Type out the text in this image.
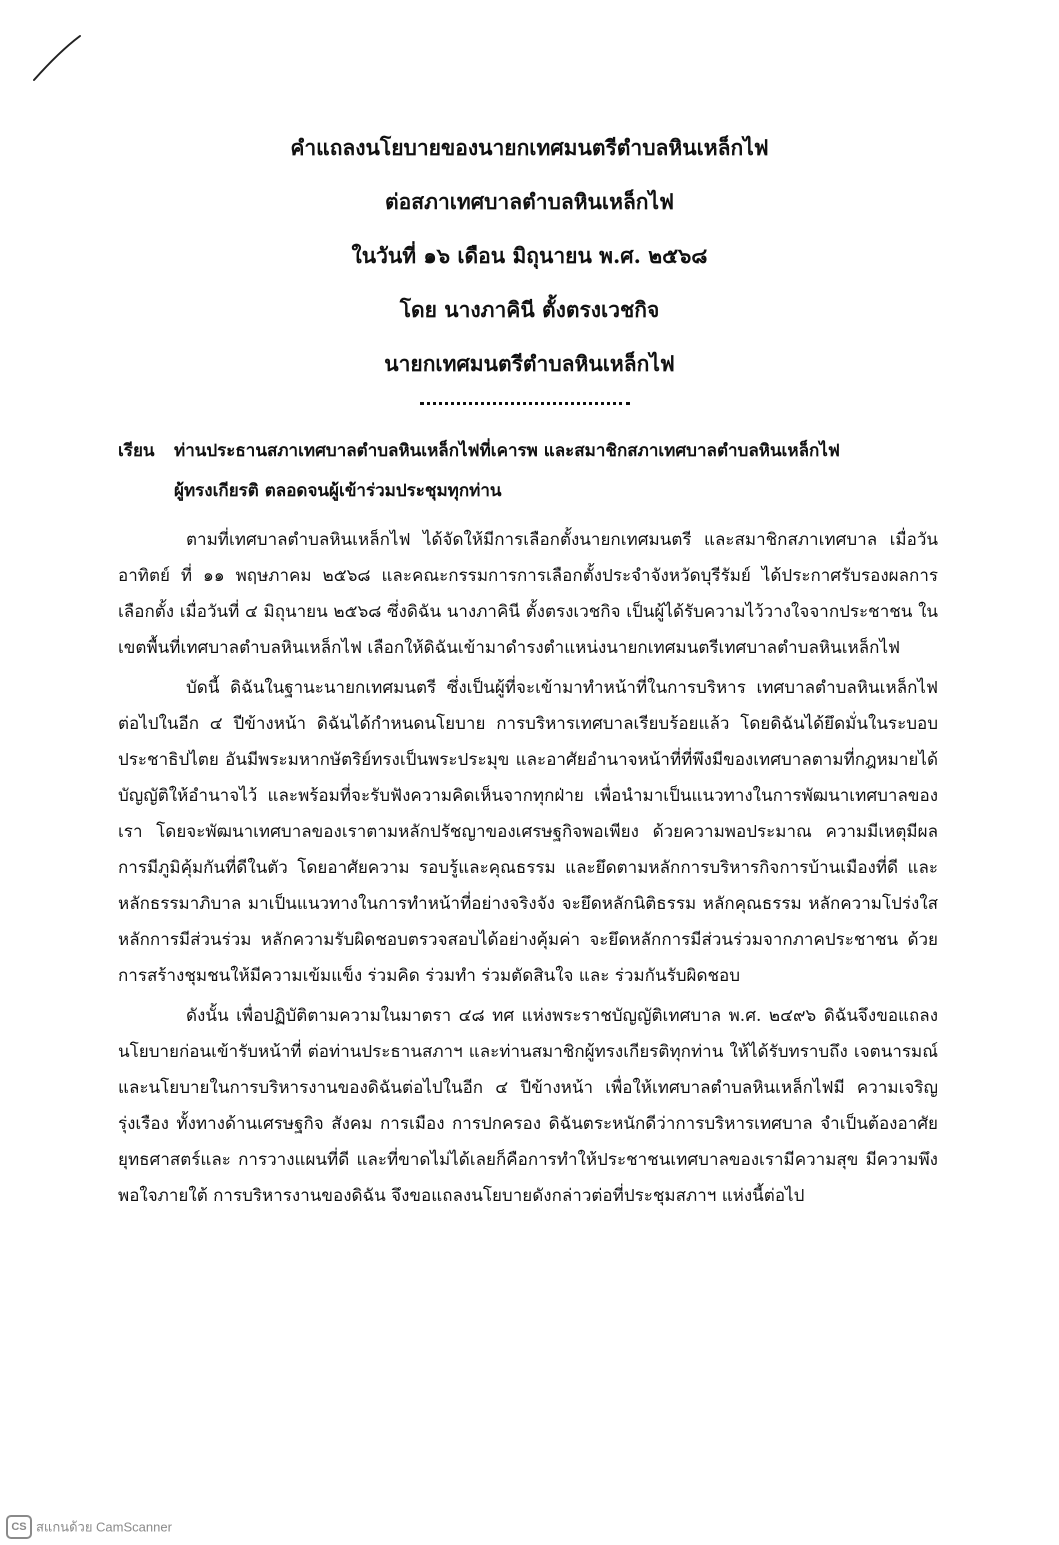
คำแถลงนโยบายของนายกเทศมนตรีตำบลหินเหล็กไฟ
ต่อสภาเทศบาลตำบลหินเหล็กไฟ
ในวันที่ ๑๖ เดือน มิถุนายน พ.ศ. ๒๕๖๘
โดย นางภาคินี ตั้งตรงเวชกิจ
นายกเทศมนตรีตำบลหินเหล็กไฟ
เรียน ท่านประธานสภาเทศบาลตำบลหินเหล็กไฟที่เคารพ และสมาชิกสภาเทศบาลตำบลหินเหล็กไฟ
ผู้ทรงเกียรติ ตลอดจนผู้เข้าร่วมประชุมทุกท่าน

ตามที่เทศบาลตำบลหินเหล็กไฟ ได้จัดให้มีการเลือกตั้งนายกเทศมนตรี และสมาชิกสภาเทศบาล เมื่อวันอาทิตย์ ที่ ๑๑ พฤษภาคม ๒๕๖๘ และคณะกรรมการการเลือกตั้งประจำจังหวัดบุรีรัมย์ ได้ประกาศรับรองผลการเลือกตั้ง เมื่อวันที่ ๔ มิถุนายน ๒๕๖๘ ซึ่งดิฉัน นางภาคินี ตั้งตรงเวชกิจ เป็นผู้ได้รับความไว้วางใจจากประชาชน ในเขตพื้นที่เทศบาลตำบลหินเหล็กไฟ เลือกให้ดิฉันเข้ามาดำรงตำแหน่งนายกเทศมนตรีเทศบาลตำบลหินเหล็กไฟ

บัดนี้ ดิฉันในฐานะนายกเทศมนตรี ซึ่งเป็นผู้ที่จะเข้ามาทำหน้าที่ในการบริหาร เทศบาลตำบลหินเหล็กไฟต่อไปในอีก ๔ ปีข้างหน้า ดิฉันได้กำหนดนโยบาย การบริหารเทศบาลเรียบร้อยแล้ว โดยดิฉันได้ยึดมั่นในระบอบประชาธิปไตย อันมีพระมหากษัตริย์ทรงเป็นพระประมุข และอาศัยอำนาจหน้าที่ที่พึงมีของเทศบาลตามที่กฎหมายได้บัญญัติให้อำนาจไว้ และพร้อมที่จะรับฟังความคิดเห็นจากทุกฝ่าย เพื่อนำมาเป็นแนวทางในการพัฒนาเทศบาลของเรา โดยจะพัฒนาเทศบาลของเราตามหลักปรัชญาของเศรษฐกิจพอเพียง ด้วยความพอประมาณ ความมีเหตุมีผล การมีภูมิคุ้มกันที่ดีในตัว โดยอาศัยความ รอบรู้และคุณธรรม และยึดตามหลักการบริหารกิจการบ้านเมืองที่ดี และหลักธรรมาภิบาล มาเป็นแนวทางในการทำหน้าที่อย่างจริงจัง จะยึดหลักนิติธรรม หลักคุณธรรม หลักความโปร่งใส หลักการมีส่วนร่วม หลักความรับผิดชอบตรวจสอบได้อย่างคุ้มค่า จะยึดหลักการมีส่วนร่วมจากภาคประชาชน ด้วยการสร้างชุมชนให้มีความเข้มแข็ง ร่วมคิด ร่วมทำ ร่วมตัดสินใจ และ ร่วมกันรับผิดชอบ

ดังนั้น เพื่อปฏิบัติตามความในมาตรา ๔๘ ทศ แห่งพระราชบัญญัติเทศบาล พ.ศ. ๒๔๙๖ ดิฉันจึงขอแถลงนโยบายก่อนเข้ารับหน้าที่ ต่อท่านประธานสภาฯ และท่านสมาชิกผู้ทรงเกียรติทุกท่าน ให้ได้รับทราบถึง เจตนารมณ์และนโยบายในการบริหารงานของดิฉันต่อไปในอีก ๔ ปีข้างหน้า เพื่อให้เทศบาลตำบลหินเหล็กไฟมี ความเจริญรุ่งเรือง ทั้งทางด้านเศรษฐกิจ สังคม การเมือง การปกครอง ดิฉันตระหนักดีว่าการบริหารเทศบาล จำเป็นต้องอาศัยยุทธศาสตร์และ การวางแผนที่ดี และที่ขาดไม่ได้เลยก็คือการทำให้ประชาชนเทศบาลของเรามีความสุข มีความพึงพอใจภายใต้ การบริหารงานของดิฉัน จึงขอแถลงนโยบายดังกล่าวต่อที่ประชุมสภาฯ แห่งนี้ต่อไป

CS สแกนด้วย CamScanner
